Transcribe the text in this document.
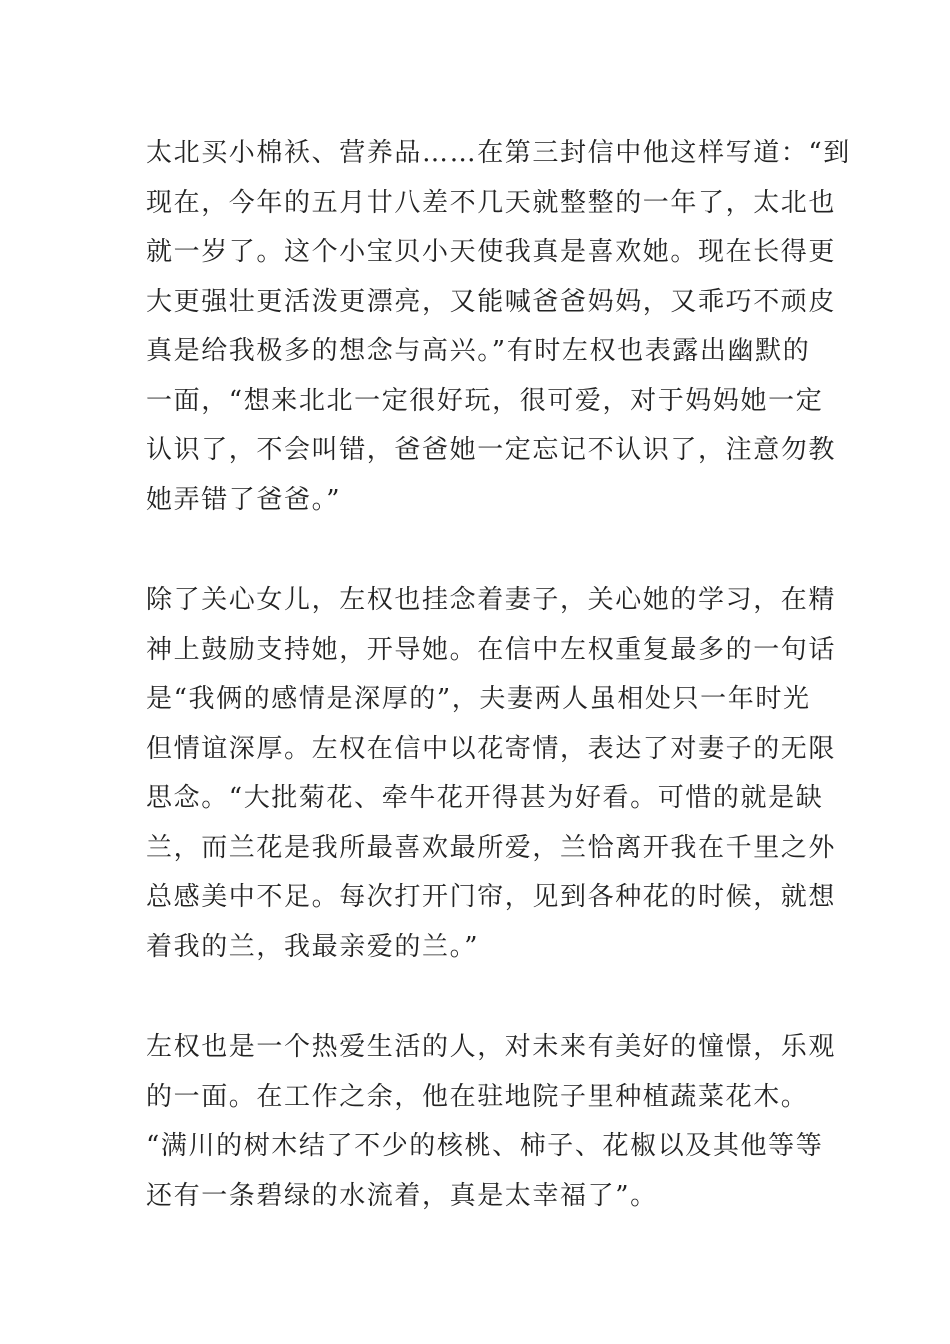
太北买小棉袄、营养品……在第三封信中他这样写道：“到
现在，今年的五月廿八差不几天就整整的一年了，太北也
就一岁了。这个小宝贝小天使我真是喜欢她。现在长得更
大更强壮更活泼更漂亮，又能喊爸爸妈妈，又乖巧不顽皮
真是给我极多的想念与高兴。”有时左权也表露出幽默的
一面，“想来北北一定很好玩，很可爱，对于妈妈她一定
认识了，不会叫错，爸爸她一定忘记不认识了，注意勿教
她弄错了爸爸。”
除了关心女儿，左权也挂念着妻子，关心她的学习，在精
神上鼓励支持她，开导她。在信中左权重复最多的一句话
是“我俩的感情是深厚的”，夫妻两人虽相处只一年时光
但情谊深厚。左权在信中以花寄情，表达了对妻子的无限
思念。“大批菊花、牵牛花开得甚为好看。可惜的就是缺
兰，而兰花是我所最喜欢最所爱，兰恰离开我在千里之外
总感美中不足。每次打开门帘，见到各种花的时候，就想
着我的兰，我最亲爱的兰。”
左权也是一个热爱生活的人，对未来有美好的憧憬，乐观
的一面。在工作之余，他在驻地院子里种植蔬菜花木。
“满川的树木结了不少的核桃、柿子、花椒以及其他等等
还有一条碧绿的水流着，真是太幸福了”。
